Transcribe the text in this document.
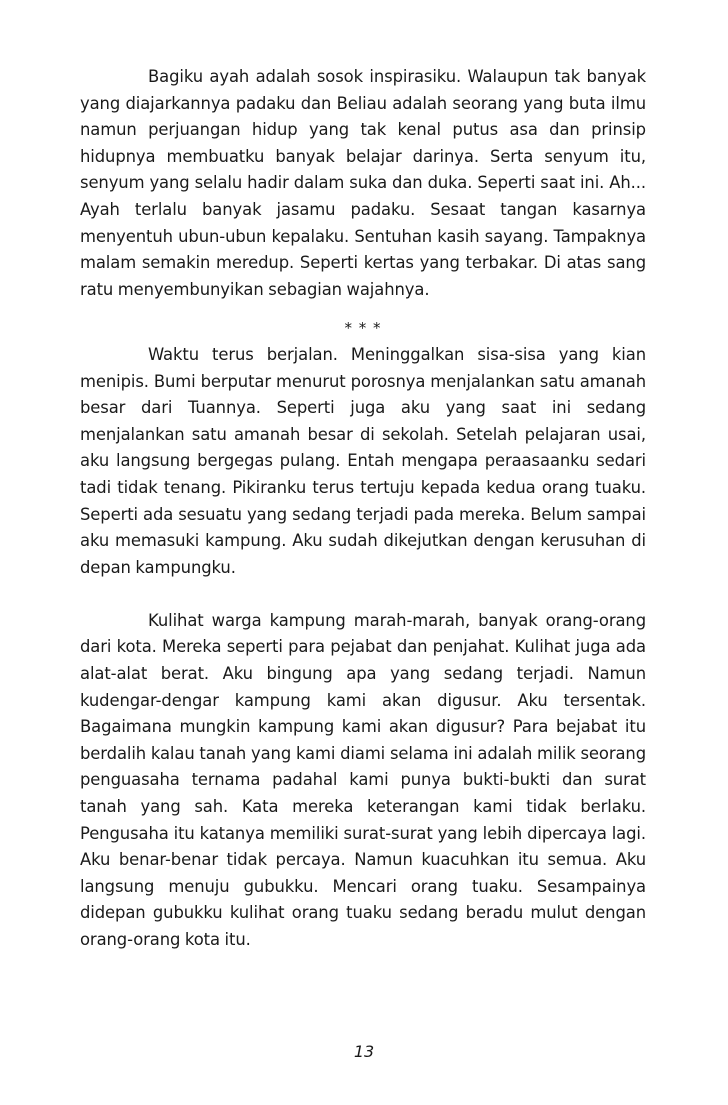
Bagiku ayah adalah sosok inspirasiku. Walaupun tak banyak yang diajarkannya padaku dan Beliau adalah seorang yang buta ilmu namun perjuangan hidup yang tak kenal putus asa dan prinsip hidupnya membuatku banyak belajar darinya. Serta senyum itu, senyum yang selalu hadir dalam suka dan duka. Seperti saat ini. Ah... Ayah terlalu banyak jasamu padaku. Sesaat tangan kasarnya menyentuh ubun-ubun kepalaku. Sentuhan kasih sayang. Tampaknya malam semakin meredup. Seperti kertas yang terbakar. Di atas sang ratu menyembunyikan sebagian wajahnya.

* * *

Waktu terus berjalan. Meninggalkan sisa-sisa yang kian menipis. Bumi berputar menurut porosnya menjalankan satu amanah besar dari Tuannya. Seperti juga aku yang saat ini sedang menjalankan satu amanah besar di sekolah. Setelah pelajaran usai, aku langsung bergegas pulang. Entah mengapa peraasaanku sedari tadi tidak tenang. Pikiranku terus tertuju kepada kedua orang tuaku. Seperti ada sesuatu yang sedang terjadi pada mereka. Belum sampai aku memasuki kampung. Aku sudah dikejutkan dengan kerusuhan di depan kampungku.

Kulihat warga kampung marah-marah, banyak orang-orang dari kota. Mereka seperti para pejabat dan penjahat. Kulihat juga ada alat-alat berat. Aku bingung apa yang sedang terjadi. Namun kudengar-dengar kampung kami akan digusur. Aku tersentak. Bagaimana mungkin kampung kami akan digusur? Para bejabat itu berdalih kalau tanah yang kami diami selama ini adalah milik seorang penguasaha ternama padahal kami punya bukti-bukti dan surat tanah yang sah. Kata mereka keterangan kami tidak berlaku. Pengusaha itu katanya memiliki surat-surat yang lebih dipercaya lagi. Aku benar-benar tidak percaya. Namun kuacuhkan itu semua. Aku langsung menuju gubukku. Mencari orang tuaku. Sesampainya didepan gubukku kulihat orang tuaku sedang beradu mulut dengan orang-orang kota itu.

13
